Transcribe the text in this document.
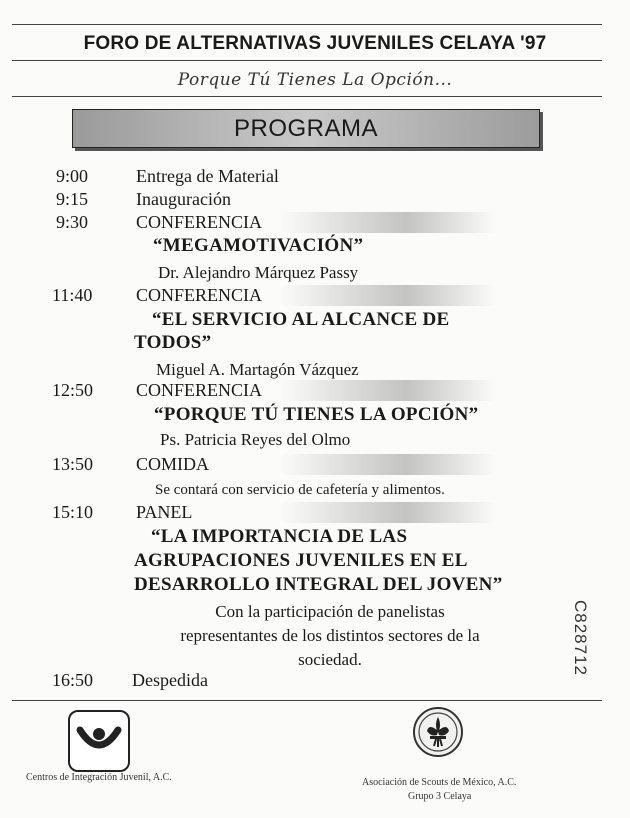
FORO DE ALTERNATIVAS JUVENILES CELAYA '97
Porque Tú Tienes La Opción...
PROGRAMA
9:00	Entrega de Material
9:15	Inauguración
9:30	CONFERENCIA
“MEGAMOTIVACIÓN”
Dr. Alejandro Márquez Passy
11:40 CONFERENCIA
“EL SERVICIO AL ALCANCE DE
TODOS”
Miguel A. Martagón Vázquez
12:50 CONFERENCIA
“PORQUE TÚ TIENES LA OPCIÓN”
Ps. Patricia Reyes del Olmo
13:50 COMIDA
Se contará con servicio de cafetería y alimentos.
15:10 PANEL
“LA IMPORTANCIA DE LAS
AGRUPACIONES JUVENILES EN EL
DESARROLLO INTEGRAL DEL JOVEN”
Con la participación de panelistas
representantes de los distintos sectores de la
sociedad.
16:50 Despedida
C828712
Centros de Integración Juvenil, A.C.	Asociación de Scouts de México, A.C.
Grupo 3 Celaya
